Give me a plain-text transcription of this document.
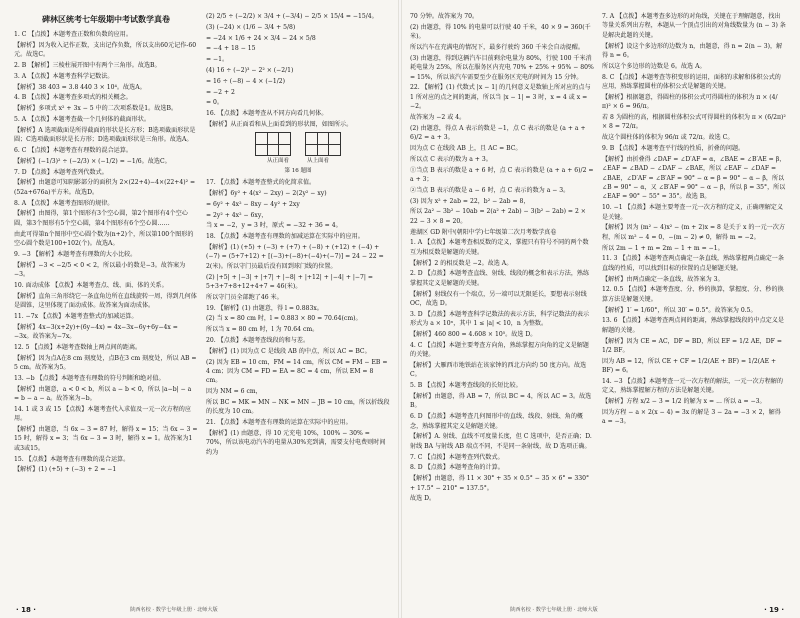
碑林区统考七年级期中考试数学真卷

1. C 【点拨】本题考查正数和负数的应用。

【解析】因为收入记作正数，支出记作负数，所以支出60元记作-60元。故选C。

2. B 【解析】三棱柱展开图中有两个三角形。故选B。

3. A 【点拨】本题考查科学记数法。

【解析】38 403 = 3.8 440 3 × 10⁴。故选A。

4. B 【点拨】本题考查多项式的相关概念。

【解析】多项式 x² + 3x − 5 中的二次项系数是1。故选B。

5. A 【点拨】本题考查截一个几何体的截面形状。

【解析】A 选项截面是所得截面的形状是长方形；B选项截面形状是圆；C选项截面形状是长方形；D选项截面形状是三角形。故选A。

6. C 【点拨】本题考查有理数的混合运算。

【解析】(−1/3)² ÷ (−2/3) × (−1/2) = −1/6。故选C。

7. D 【点拨】本题考查列代数式。

【解析】由题意可知阴影部分的面积为 2×(22+4)−4×(22+4)² = (52a+676a)平方米。故选D。

8. A 【点拨】本题考查图形的规律。

【解析】由图得，第1个图形有3个空心圆，第2个图形有4个空心圆，第3个图形有5个空心圆，第4个图形有6个空心圆……

由此可得第n个图形中空心圆个数为(n+2)个，所以第100个图形的空心圆个数是100+102(个)。故选A。

9. −3 【解析】本题考查有理数的大小比较。

【解析】−3 < −2/5 < 0 < 2，所以最小的数是−3。故答案为−3。

10. 面动成体 【点拨】本题考查点、线、面、体的关系。

【解析】直角三角形绕它一条直角边所在直线旋转一周，得到几何体是圆锥，这里体现了面动成体。故答案为面动成体。

11. −7x 【点拨】本题考查整式的加减运算。

【解析】4x−3(x+2y)+(6y−4x) = 4x−3x−6y+6y−4x = −3x。故答案为−7x。

12. 5 【点拨】本题考查数轴上两点间的距离。

【解析】因为点A在8 cm 刻度处，点B在3 cm 刻度处，所以 AB = 5 cm。故答案为5。

13. −b 【点拨】本题考查有理数的符号判断和绝对值。

【解析】由题意，a < 0 < b，所以 a − b < 0，所以 |a−b| − a = b − a − a。故答案为−b。

14. 1 或 3 或 15 【点拨】本题考查代入求值及一元一次方程的应用。

【解析】由题意，当 6x − 3 = 87 时，解得 x = 15；当 6x − 3 = 15 时，解得 x = 3；当 6x − 3 = 3 时，解得 x = 1。故答案为1或3或15。

15. 【点拨】本题考查有理数的混合运算。

【解析】(1) (+5) + (−3) + 2 = −1

(2) 2/5 ÷ (−2/2) × 3/4 + (−3/4) − 2/5 × 15/4 = −15/4。

(3) (−24) × (1/6 − 3/4 + 5/8)

= −24 × 1/6 + 24 × 3/4 − 24 × 5/8

= −4 + 18 − 15

= −1。

(4) 16 ÷ (−2)³ − 2² × (−2/1)

= 16 ÷ (−8) − 4 × (−1/2)

= −2 + 2

= 0。

16. 【点拨】本题考查从不同方向看几何体。

【解析】从正面看和从上面看到的形状图，如图所示。

从正面看	从上面看
第 16 题图

17. 【点拨】本题考查整式的化简求值。

【解析】6y² + 4(x² − 2xy) − 2(2y² − xy)

= 6y² + 4x² − 8xy − 4y² + 2xy

= 2y² + 4x² − 6xy，

当 x = −2，y = 3 时，原式 = −32 + 36 = 4。

18. 【点拨】本题考查有理数的加减运算在实际中的应用。

【解析】(1) (+5) + (−3) + (+7) + (−8) + (+12) + (−4) + (−7) = (5+7+12) + [(−3)+(−8)+(−4)+(−7)] = 24 − 22 = 2(米)。所以守门员最后没有回到球门线的位置。

(2) |+5| + |−3| + |+7| + |−8| + |+12| + |−4| + |−7| = 5+3+7+8+12+4+7 = 46(米)。

所以守门员全部跑了46 米。

19. 【解析】(1) 由题意，得 l = 0.883x。

(2) 当 x = 80 cm 时，l = 0.883 × 80 = 70.64(cm)。

所以当 x = 80 cm 时，l 为 70.64 cm。

20. 【点拨】本题考查线段的和与差。

【解析】(1) 因为点 C 是线段 AB 的中点，所以 AC = BC。

(2) 因为 EB = 10 cm，FM = 14 cm，所以 CM = FM − EB = 4 cm；因为 CM = FD = EA = 8C = 4 cm，所以 EM = 8 cm。

因为 NM = 6 cm，

所以 BC = MK = MN − NK = MN − JB = 10 cm，所以折线段的长度为 10 cm。

21. 【点拨】本题考查有理数的运算在实际中的应用。

【解析】(1) 由题意，得 10 元充电 10%，100% − 30% = 70%，所以该电动汽车的电量从30%充到满，需要支付电费则时间约为

· 18 ·	陕西名校 · 数学七年级上册 · 北师大版

70 分钟。故答案为 70。

(2) 由题意，得 10% 的电量可以行驶 40 千米，40 × 9 = 360(千米)。

所以汽车在充满电的情况下，最多行驶约 360 千米会自动提醒。

(3) 由题意，得到这辆汽车目前剩余电量为 80%，行驶 100 千米消耗电量为 25%，所以在服务区内充电 70% + 25% + 95% − 80% = 15%，所以该汽车需要至少在服务区充电的时间为 15 分钟。

22. 【解析】(1) 代数式 |x − 1| 的几何意义是数轴上所对应的点与1 所对应的点之间的距离，所以当 |x − 1| = 3 时，x = 4 或 x = −2。

故答案为 −2 或 4。

(2) 由题意，得点 A 表示的数是 −1，点 C 表示的数是 (a + a + 6)/2 = a + 3。

因为点 C 在线段 AB 上，且 AC = BC。

所以点 C 表示的数为 a + 3。

①当点 B 表示的数是 a + 6 时，点 C 表示的数是 (a + a + 6)/2 = a + 3；

②当点 B 表示的数是 a − 6 时，点 C 表示的数为 a − 3。

(3) 因为 x² + 2ab = 22，b² − 2ab = 8，

所以 2a² − 3b² − 10ab = 2(a² + 2ab) − 3(b² − 2ab) = 2 × 22 − 3 × 8 = 20。

莲湖区 GD 附中(朝阳中学)七年级第二次月考数学真卷

1. A 【点拨】本题考查相反数的定义，掌握只有符号不同的两个数互为相反数是解题的关键。

【解析】2 的相反数是 −2。故选 A。

2. D 【点拨】本题考查直线、射线、线段的概念和表示方法，熟练掌握其定义是解题的关键。

【解析】射线仅有一个端点，另一端可以无限延长，要想表示射线 OC，故选 D。

3. D 【点拨】本题考查科学记数法的表示方法，科学记数法的表示形式为 a × 10ⁿ，其中 1 ≤ |a| < 10，n 为整数。

【解析】460 800 = 4.608 × 10⁵。故选 D。

4. C 【点拨】本题主要考查方向角，熟练掌握方向角的定义是解题的关键。

【解析】大雁西市地铁站在该家钟的西北方向约 50 度方向。故选 C。

5. B 【点拨】本题考查线段的长短比较。

【解析】由题意，得 AB = 7，所以 BC = 4，所以 AC = 3。故选 B。

6. D 【点拨】本题考查几何图形中的直线、线段、射线、角的概念，熟练掌握其定义是解题关键。

【解析】A. 射线、直线不可度量长度，但 C 选项中，是否正确；D. 射线 BA 与射线 AB 端点不同，不是同一条射线，故 D 选项正确。

7. C 【点拨】本题考查列代数式。

8. D 【点拨】本题考查角的计算。

【解析】由题意，得 11 × 30° + 35 × 0.5° − 35 × 6° = 330° + 17.5° − 210° = 137.5°。

故选 D。

7. A 【点拨】本题考查多边形的对角线，关键在于理解题意，找出等量关系列出方程，本题从一个顶点引出的对角线数量为 (n − 3) 条是解决此题的关键。

【解析】设这个多边形的边数为 n，由题意，得 n = 2(n − 3)，解得 n = 6。

所以这个多边形的边数是 6。故选 A。

8. C 【点拨】本题考查等积变形的运用，面积的求解和体积公式的应用，熟练掌握圆柱的体积公式是解题的关键。

【解析】根据题意，得圆柱的体积公式可得圆柱的体积为 π × (4/π)² × 6 = 96/π。

若 8 为圆柱的高，根据圆柱体积公式可得圆柱的体积为 π × (6/2π)² × 8 = 72/π。

故这个圆柱体的体积为 96/π 或 72/π。故选 C。

9. B 【点拨】本题考查平行线的性质，折叠的问题。

【解析】由折叠得 ∠DAF = ∠D′AF = α，∠BAE = ∠B′AE = β，∠EAF = ∠BAD − ∠DAF − ∠BAE，所以 ∠EAF − ∠DAF = ∠BAE，∠D′AF = ∠B′AF = 90° − α = β = 90° − α − β，所以 ∠B = 90° − α，又 ∠B′AF = 90° − α − β，所以 β = 35°，所以 ∠EAF = 90° − 55° = 35°。故选 B。

10. −1 【点拨】本题主要考查一元一次方程的定义，正确理解定义是关键。

【解析】因为 (m² − 4)x² − (m + 2)x = 8 是关于 x 的一元一次方程，所以 m² − 4 = 0，−(m − 2) ≠ 0，解得 m = −2。

所以 2m − 1 + m = 2m − 1 + m = −1。

11. 3 【点拨】本题考查两点确定一条直线，熟练掌握两点确定一条直线的性质，可以找到目标的位置的点是解题关键。

【解析】由两点确定一条直线，故答案为 3。

12. 0.5 【点拨】本题考查度、分、秒的换算，掌握度、分、秒的换算方法是解题关键。

【解析】1′ = 1/60°，所以 30′ = 0.5°。故答案为 0.5。

13. 6 【点拨】本题考查两点间的距离，熟练掌握线段的中点定义是解题的关键。

【解析】因为 CE = AC，DF = BD，所以 EF = 1/2 AE，DF = 1/2 BF。

因为 AB = 12，所以 CE + CF = 1/2(AE + BF) = 1/2(AE + BF) = 6。

14. −3 【点拨】本题考查一元一次方程的解法，一元一次方程解的定义，熟练掌握解方程的方法是解题关键。

【解析】方程 x/2 − 3 = 1/2 的解为 x = ... 所以 a = −3。

因为方程 − a × 2(x − 4) = 3x 的解是 3 − 2a = −3 × 2，解得 a = −3。

· 19 ·
陕西名校 · 数学七年级上册 · 北师大版
